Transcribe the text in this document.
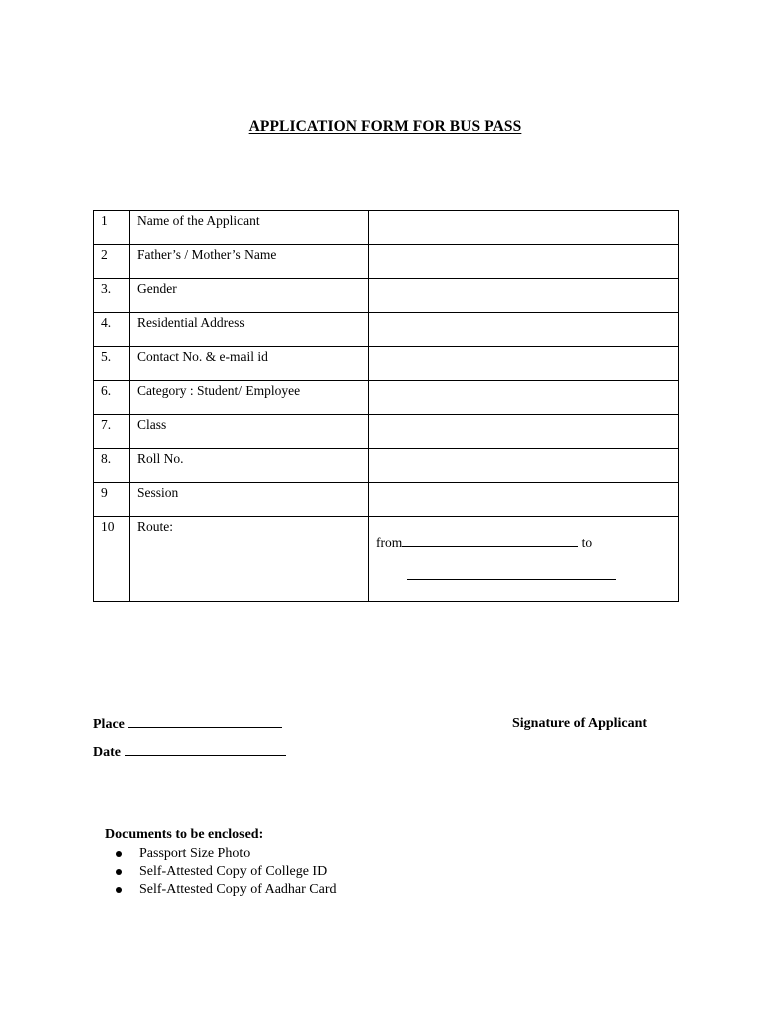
APPLICATION FORM FOR BUS PASS
1	Name of the Applicant	
2	Father’s / Mother’s Name	
3.	Gender	
4.	Residential Address	
5.	Contact No. & e-mail id	
6.	Category : Student/ Employee	
7.	Class	
8.	Roll No.	
9	Session	
10	Route:	from to
Place
Date
Signature of Applicant
Documents to be enclosed:
Passport Size Photo
Self-Attested Copy of College ID
Self-Attested Copy of Aadhar Card
